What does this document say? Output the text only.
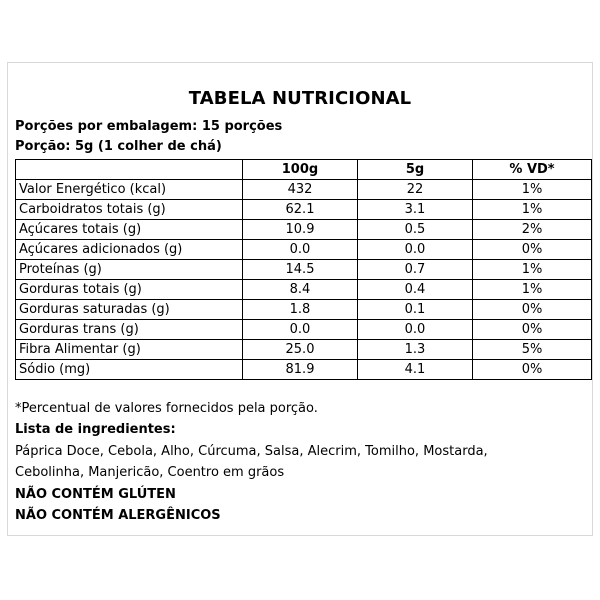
TABELA NUTRICIONAL
Porções por embalagem: 15 porções
Porção: 5g (1 colher de chá)
	100g	5g	% VD*
Valor Energético (kcal)	432	22	1%
Carboidratos totais (g)	62.1	3.1	1%
Açúcares totais (g)	10.9	0.5	2%
Açúcares adicionados (g)	0.0	0.0	0%
Proteínas (g)	14.5	0.7	1%
Gorduras totais (g)	8.4	0.4	1%
Gorduras saturadas (g)	1.8	0.1	0%
Gorduras trans (g)	0.0	0.0	0%
Fibra Alimentar (g)	25.0	1.3	5%
Sódio (mg)	81.9	4.1	0%
*Percentual de valores fornecidos pela porção.
Lista de ingredientes:
Páprica Doce, Cebola, Alho, Cúrcuma, Salsa, Alecrim, Tomilho, Mostarda,
Cebolinha, Manjericão, Coentro em grãos
NÃO CONTÉM GLÚTEN
NÃO CONTÉM ALERGÊNICOS
